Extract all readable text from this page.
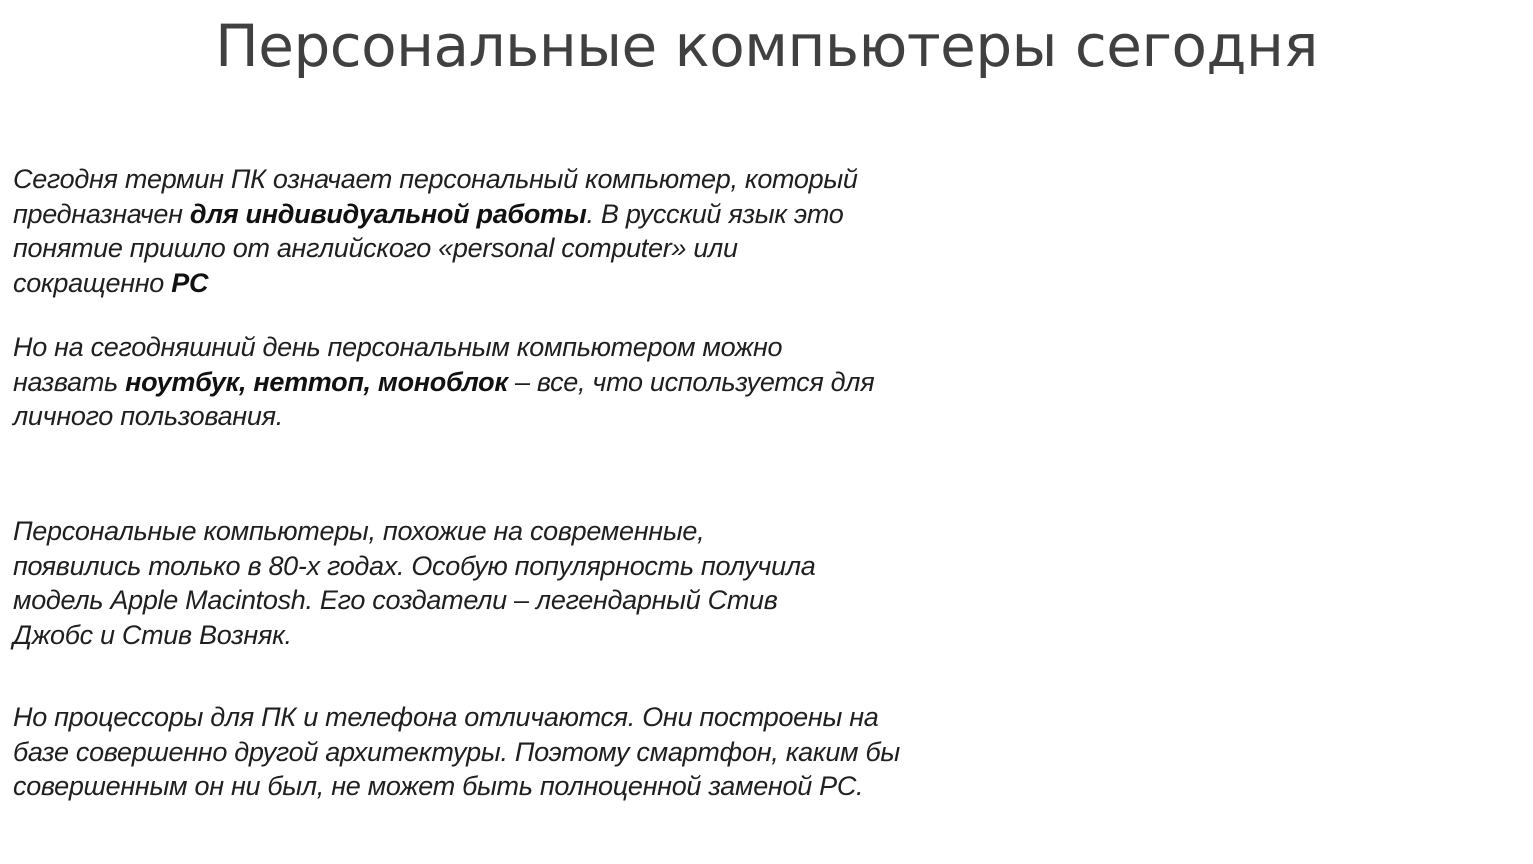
Персональные компьютеры сегодня

Сегодня термин ПК означает персональный компьютер, который
предназначен для индивидуальной работы. В русский язык это
понятие пришло от английского «personal computer» или
сокращенно PC

Но на сегодняшний день персональным компьютером можно
назвать ноутбук, неттоп, моноблок – все, что используется для
личного пользования.

Персональные компьютеры, похожие на современные,
появились только в 80-х годах. Особую популярность получила
модель Apple Macintosh. Его создатели – легендарный Стив
Джобс и Стив Возняк.

Но процессоры для ПК и телефона отличаются. Они построены на
базе совершенно другой архитектуры. Поэтому смартфон, каким бы
совершенным он ни был, не может быть полноценной заменой PC.
